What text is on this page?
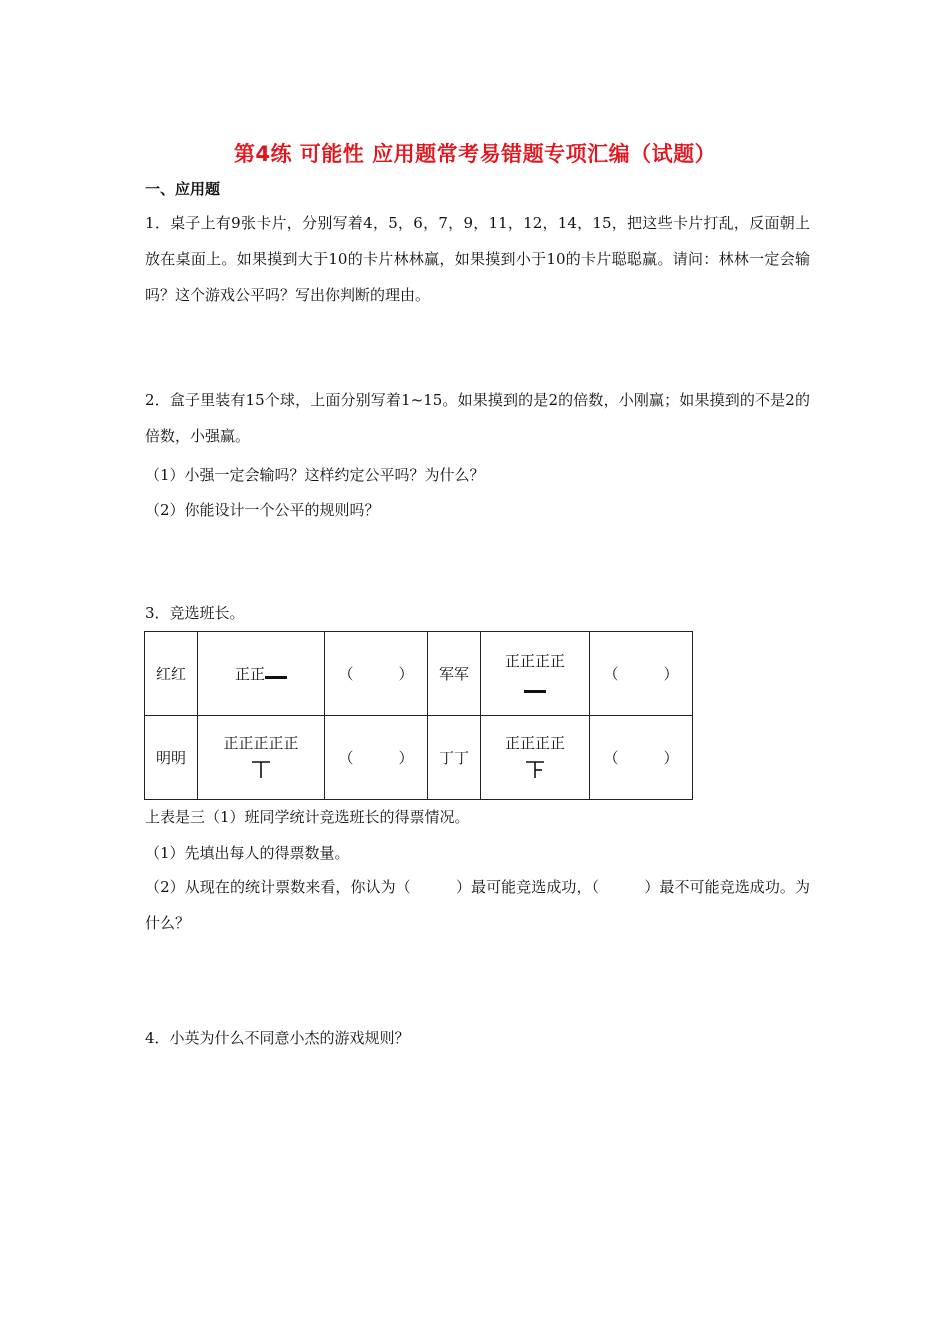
第4练 可能性 应用题常考易错题专项汇编（试题）
一、应用题

1．桌子上有9张卡片，分别写着4，5，6，7，9，11，12，14，15，把这些卡片打乱，反面朝上放在桌面上。如果摸到大于10的卡片林林赢，如果摸到小于10的卡片聪聪赢。请问：林林一定会输吗？这个游戏公平吗？写出你判断的理由。

2．盒子里装有15个球，上面分别写着1~15。如果摸到的是2的倍数，小刚赢；如果摸到的不是2的倍数，小强赢。

（1）小强一定会输吗？这样约定公平吗？为什么？
（2）你能设计一个公平的规则吗？
3．竞选班长。
红红	正正	（　　　）	军军	正正正正	（　　　）
明明	正正正正正	（　　　）	丁丁	正正正正	（　　　）
上表是三（1）班同学统计竞选班长的得票情况。
（1）先填出每人的得票数量。

（2）从现在的统计票数来看，你认为（　　　）最可能竞选成功，（　　　）最不可能竞选成功。为什么？

4．小英为什么不同意小杰的游戏规则？
